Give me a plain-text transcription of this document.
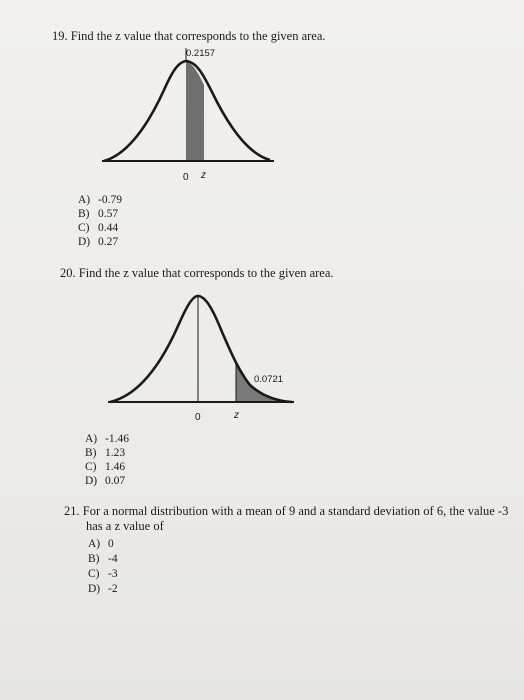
19. Find the z value that corresponds to the given area.
0.2157
0 z
A) -0.79
B) 0.57
C) 0.44
D) 0.27
20. Find the z value that corresponds to the given area.
0.0721
0	z
A) -1.46
B) 1.23
C) 1.46
D) 0.07
21. For a normal distribution with a mean of 9 and a standard deviation of 6, the value -3
has a z value of
A) 0
B) -4
C) -3
D) -2
